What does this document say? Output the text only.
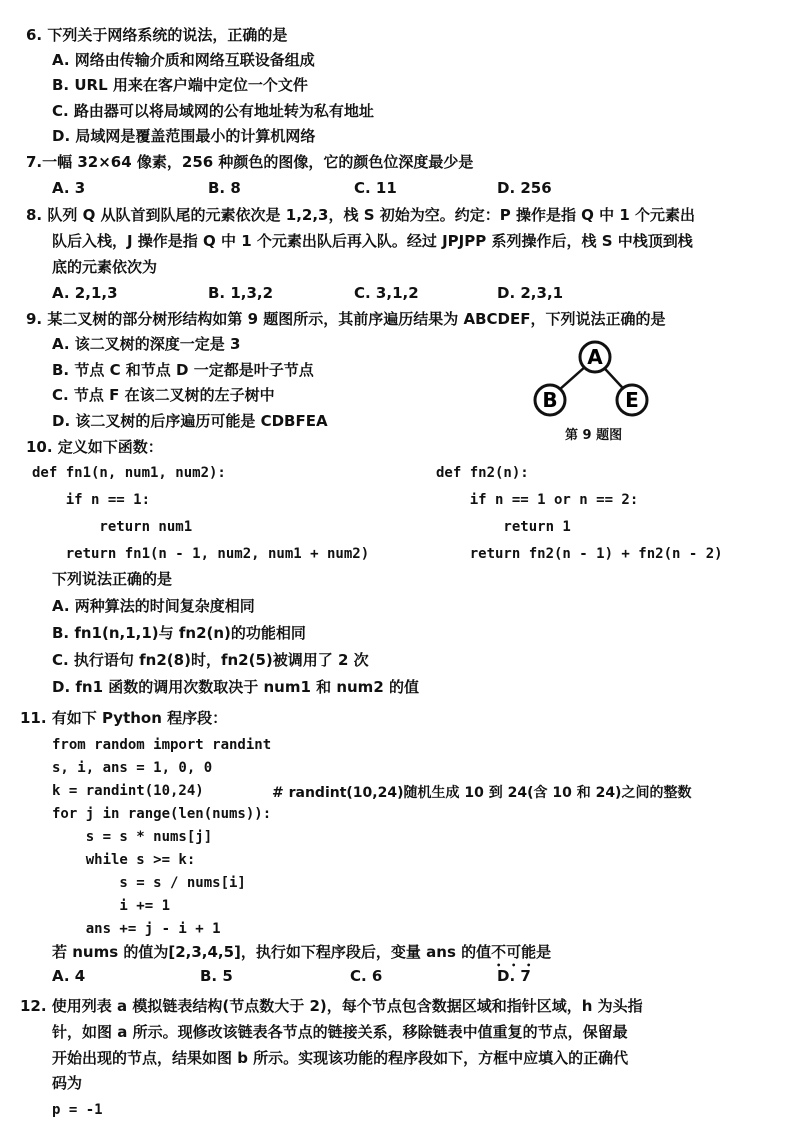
6. 下列关于网络系统的说法，正确的是
A. 网络由传输介质和网络互联设备组成
B. URL 用来在客户端中定位一个文件
C. 路由器可以将局域网的公有地址转为私有地址
D. 局域网是覆盖范围最小的计算机网络
7.一幅 32×64 像素，256 种颜色的图像，它的颜色位深度最少是
A. 3	B. 8	C. 11	D. 256
8. 队列 Q 从队首到队尾的元素依次是 1,2,3，栈 S 初始为空。约定：P 操作是指 Q 中 1 个元素出
队后入栈，J 操作是指 Q 中 1 个元素出队后再入队。经过 JPJPP 系列操作后，栈 S 中栈顶到栈
底的元素依次为
A. 2,1,3	B. 1,3,2	C. 3,1,2	D. 2,3,1
9. 某二叉树的部分树形结构如第 9 题图所示，其前序遍历结果为 ABCDEF，下列说法正确的是
A. 该二叉树的深度一定是 3
B. 节点 C 和节点 D 一定都是叶子节点
C. 节点 F 在该二叉树的左子树中
D. 该二叉树的后序遍历可能是 CDBFEA
A
B	E
第 9 题图
10. 定义如下函数：
def fn1(n, num1, num2):
if n == 1:
return num1
return fn1(n - 1, num2, num1 + num2)
def fn2(n):
if n == 1 or n == 2:
return 1
return fn2(n - 1) + fn2(n - 2)
下列说法正确的是
A. 两种算法的时间复杂度相同
B. fn1(n,1,1)与 fn2(n)的功能相同
C. 执行语句 fn2(8)时，fn2(5)被调用了 2 次
D. fn1 函数的调用次数取决于 num1 和 num2 的值
11. 有如下 Python 程序段：
from random import randint
s, i, ans = 1, 0, 0
k = randint(10,24)	# randint(10,24)随机生成 10 到 24(含 10 和 24)之间的整数
for j in range(len(nums)):
s = s * nums[j]
while s >= k:
s = s / nums[i]
i += 1
ans += j - i + 1
若 nums 的值为[2,3,4,5]，执行如下程序段后，变量 ans 的值不可能是
A. 4	B. 5	C. 6	D. 7
12. 使用列表 a 模拟链表结构(节点数大于 2)，每个节点包含数据区域和指针区域，h 为头指
针，如图 a 所示。现修改该链表各节点的链接关系，移除链表中值重复的节点，保留最
开始出现的节点，结果如图 b 所示。实现该功能的程序段如下，方框中应填入的正确代
码为
p = -1
